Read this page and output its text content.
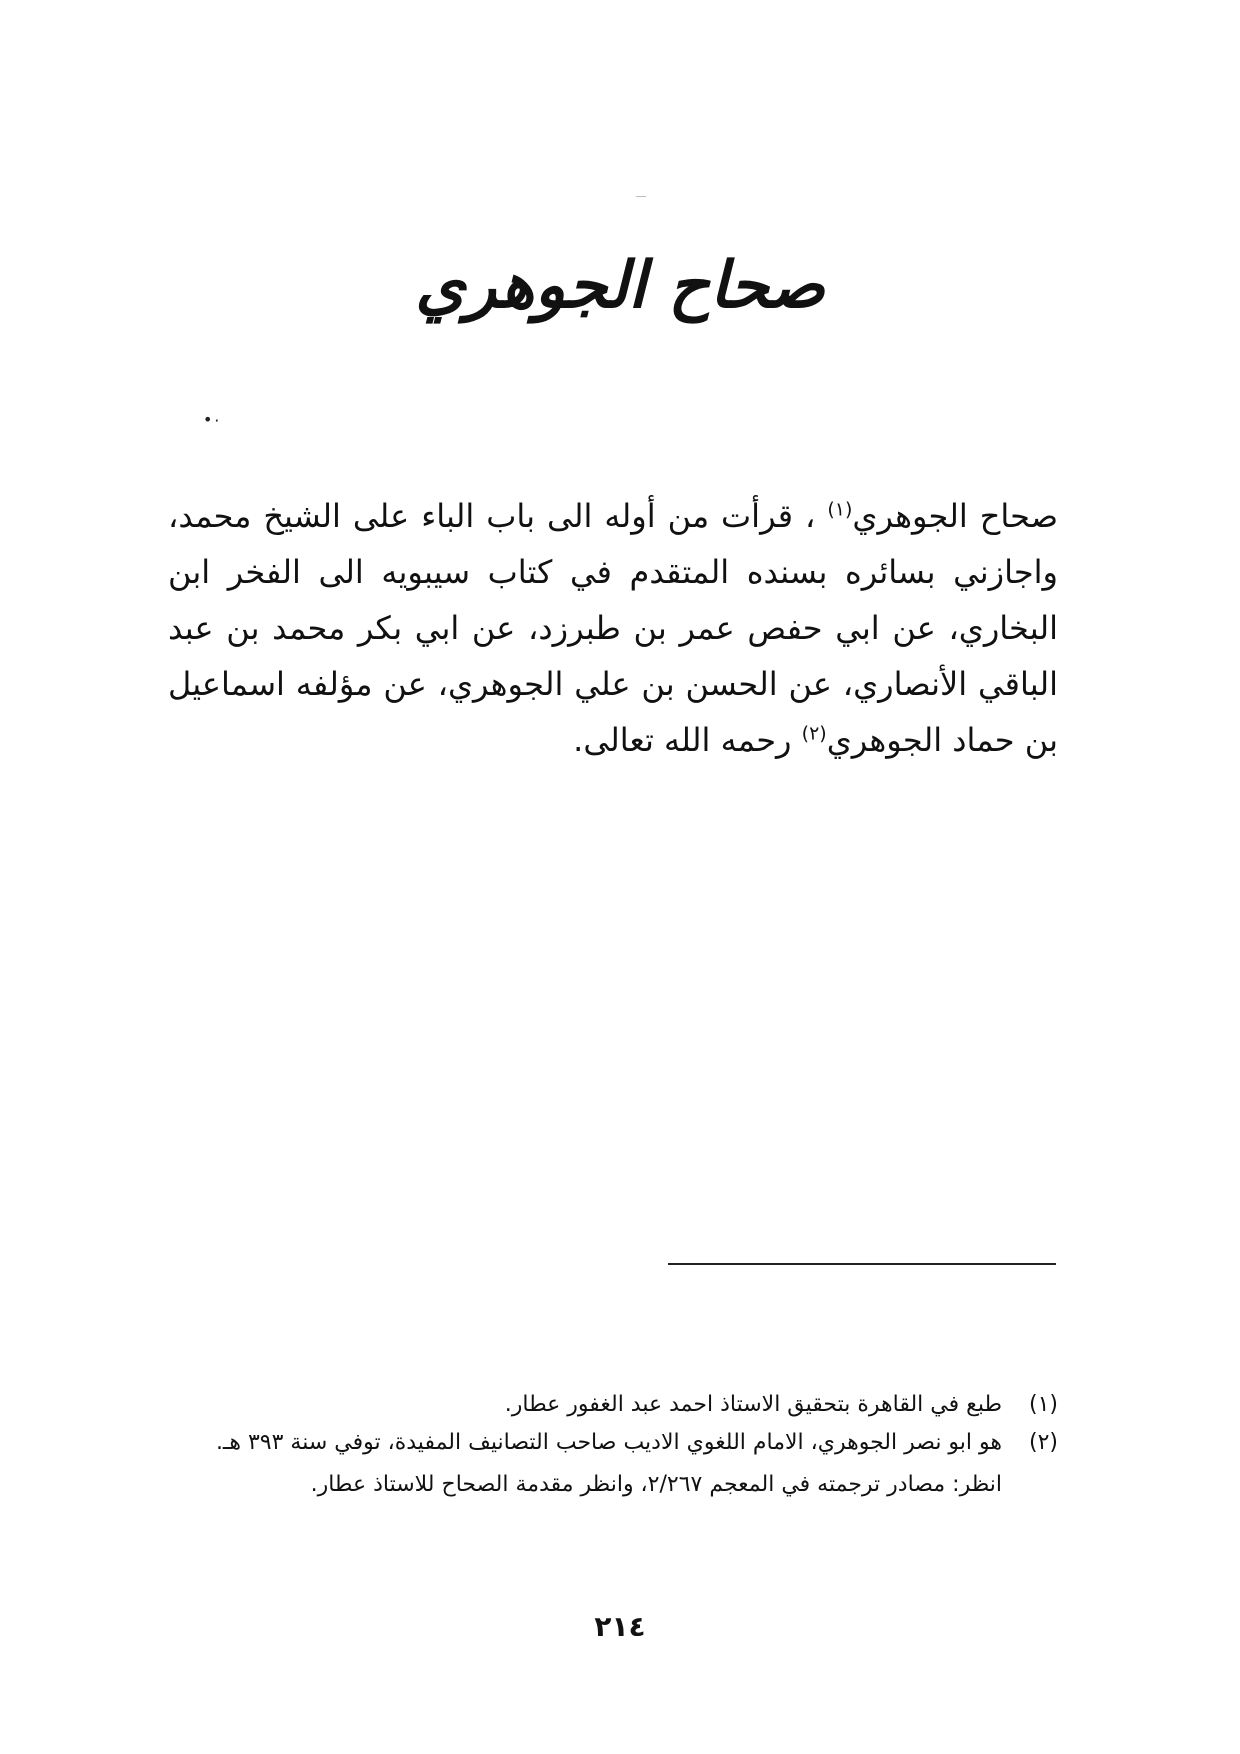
صحاح الجوهري
•٠
صحاح الجوهري$^{(١)}$ ، قرأت من أوله الى باب الباء على الشيخ محمد، واجازني بسائره بسنده المتقدم في كتاب سيبويه الى الفخر ابن البخاري، عن ابي حفص عمر بن طبرزد، عن ابي بكر محمد بن عبد الباقي الأنصاري، عن الحسن بن علي الجوهري، عن مؤلفه اسماعيل بن حماد الجوهري$^{(٢)}$ رحمه الله تعالى.
(١)
طبع في القاهرة بتحقيق الاستاذ احمد عبد الغفور عطار.
(٢)
هو ابو نصر الجوهري، الامام اللغوي الاديب صاحب التصانيف المفيدة، توفي سنة ٣٩٣ هـ.
انظر: مصادر ترجمته في المعجم ٢/٢٦٧، وانظر مقدمة الصحاح للاستاذ عطار.
٢١٤
